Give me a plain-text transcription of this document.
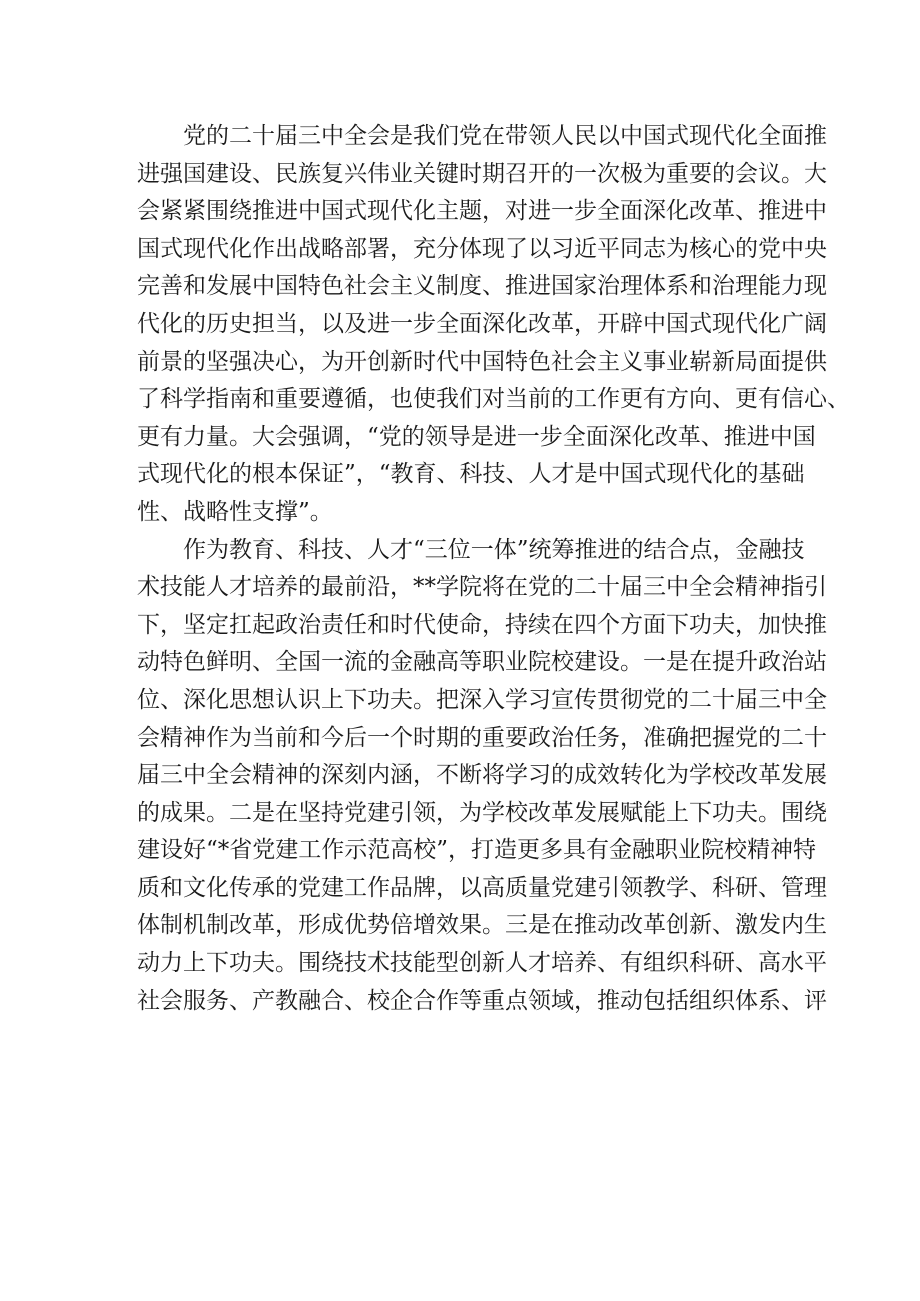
党的二十届三中全会是我们党在带领人民以中国式现代化全面推
进强国建设、民族复兴伟业关键时期召开的一次极为重要的会议。大
会紧紧围绕推进中国式现代化主题，对进一步全面深化改革、推进中
国式现代化作出战略部署，充分体现了以习近平同志为核心的党中央
完善和发展中国特色社会主义制度、推进国家治理体系和治理能力现
代化的历史担当，以及进一步全面深化改革，开辟中国式现代化广阔
前景的坚强决心，为开创新时代中国特色社会主义事业崭新局面提供
了科学指南和重要遵循，也使我们对当前的工作更有方向、更有信心、
更有力量。大会强调，“党的领导是进一步全面深化改革、推进中国
式现代化的根本保证”，“教育、科技、人才是中国式现代化的基础
性、战略性支撑”。
作为教育、科技、人才“三位一体”统筹推进的结合点，金融技
术技能人才培养的最前沿，**学院将在党的二十届三中全会精神指引
下，坚定扛起政治责任和时代使命，持续在四个方面下功夫，加快推
动特色鲜明、全国一流的金融高等职业院校建设。一是在提升政治站
位、深化思想认识上下功夫。把深入学习宣传贯彻党的二十届三中全
会精神作为当前和今后一个时期的重要政治任务，准确把握党的二十
届三中全会精神的深刻内涵，不断将学习的成效转化为学校改革发展
的成果。二是在坚持党建引领，为学校改革发展赋能上下功夫。围绕
建设好“*省党建工作示范高校”，打造更多具有金融职业院校精神特
质和文化传承的党建工作品牌，以高质量党建引领教学、科研、管理
体制机制改革，形成优势倍增效果。三是在推动改革创新、激发内生
动力上下功夫。围绕技术技能型创新人才培养、有组织科研、高水平
社会服务、产教融合、校企合作等重点领域，推动包括组织体系、评
